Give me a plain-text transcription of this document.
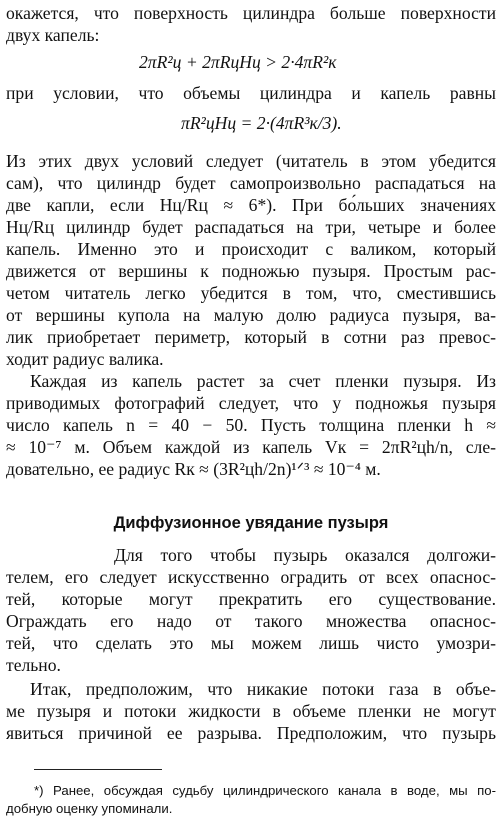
окажется, что поверхность цилиндра больше поверхности
двух капель:
2πR²ц + 2πRцHц > 2·4πR²к
при условии, что объемы цилиндра и капель равны
πR²цHц = 2·(4πR³к/3).
Из этих двух условий следует (читатель в этом убедится
сам), что цилиндр будет самопроизвольно распадаться на
две капли, если Hц/Rц ≈ 6*). При бо́льших значениях
Hц/Rц цилиндр будет распадаться на три, четыре и более
капель. Именно это и происходит с валиком, который
движется от вершины к подножью пузыря. Простым рас-
четом читатель легко убедится в том, что, сместившись
от вершины купола на малую долю радиуса пузыря, ва-
лик приобретает периметр, который в сотни раз превос-
ходит радиус валика.
Каждая из капель растет за счет пленки пузыря. Из
приводимых фотографий следует, что у подножья пузыря
число капель n = 40 − 50. Пусть толщина пленки h ≈
≈ 10⁻⁷ м. Объем каждой из капель Vк = 2πR²цh/n, сле-
довательно, ее радиус Rк ≈ (3R²цh/2n)¹ᐟ³ ≈ 10⁻⁴ м.
Диффузионное увядание пузыря
Для того чтобы пузырь оказался долгожи-
телем, его следует искусственно оградить от всех опаснос-
тей, которые могут прекратить его существование.
Ограждать его надо от такого множества опаснос-
тей, что сделать это мы можем лишь чисто умозри-
тельно.
Итак, предположим, что никакие потоки газа в объе-
ме пузыря и потоки жидкости в объеме пленки не могут
явиться причиной ее разрыва. Предположим, что пузырь
*) Ранее, обсуждая судьбу цилиндрического канала в воде, мы по-
добную оценку упоминали.
